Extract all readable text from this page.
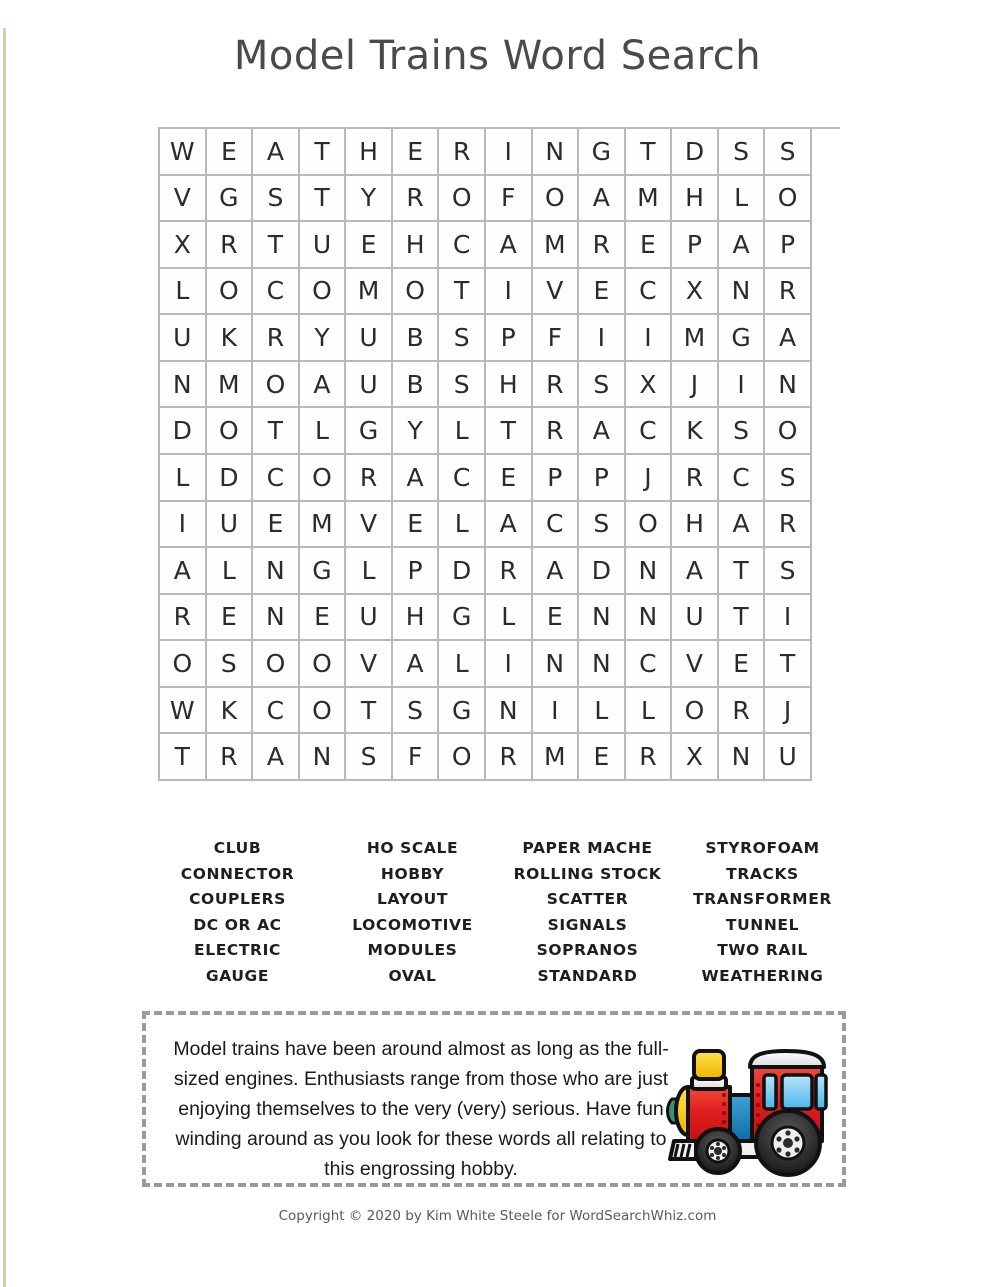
Model Trains Word Search
W	E	A	T	H	E	R	I	N	G	T	D	S	S
V	G	S	T	Y	R	O	F	O	A	M	H	L	O
X	R	T	U	E	H	C	A	M	R	E	P	A	P
L	O	C	O	M	O	T	I	V	E	C	X	N	R
U	K	R	Y	U	B	S	P	F	I	I	M	G	A
N	M	O	A	U	B	S	H	R	S	X	J	I	N
D	O	T	L	G	Y	L	T	R	A	C	K	S	O
L	D	C	O	R	A	C	E	P	P	J	R	C	S
I	U	E	M	V	E	L	A	C	S	O	H	A	R
A	L	N	G	L	P	D	R	A	D	N	A	T	S
R	E	N	E	U	H	G	L	E	N	N	U	T	I
O	S	O	O	V	A	L	I	N	N	C	V	E	T
W	K	C	O	T	S	G	N	I	L	L	O	R	J
T	R	A	N	S	F	O	R	M	E	R	X	N	U
CLUB
CONNECTOR
COUPLERS
DC OR AC
ELECTRIC
GAUGE
HO SCALE
HOBBY
LAYOUT
LOCOMOTIVE
MODULES
OVAL
PAPER MACHE
ROLLING STOCK
SCATTER
SIGNALS
SOPRANOS
STANDARD
STYROFOAM
TRACKS
TRANSFORMER
TUNNEL
TWO RAIL
WEATHERING
Model trains have been around almost as long as the full-sized engines. Enthusiasts range from those who are just enjoying themselves to the very (very) serious. Have fun winding around as you look for these words all relating to this engrossing hobby.
Copyright © 2020 by Kim White Steele for WordSearchWhiz.com
